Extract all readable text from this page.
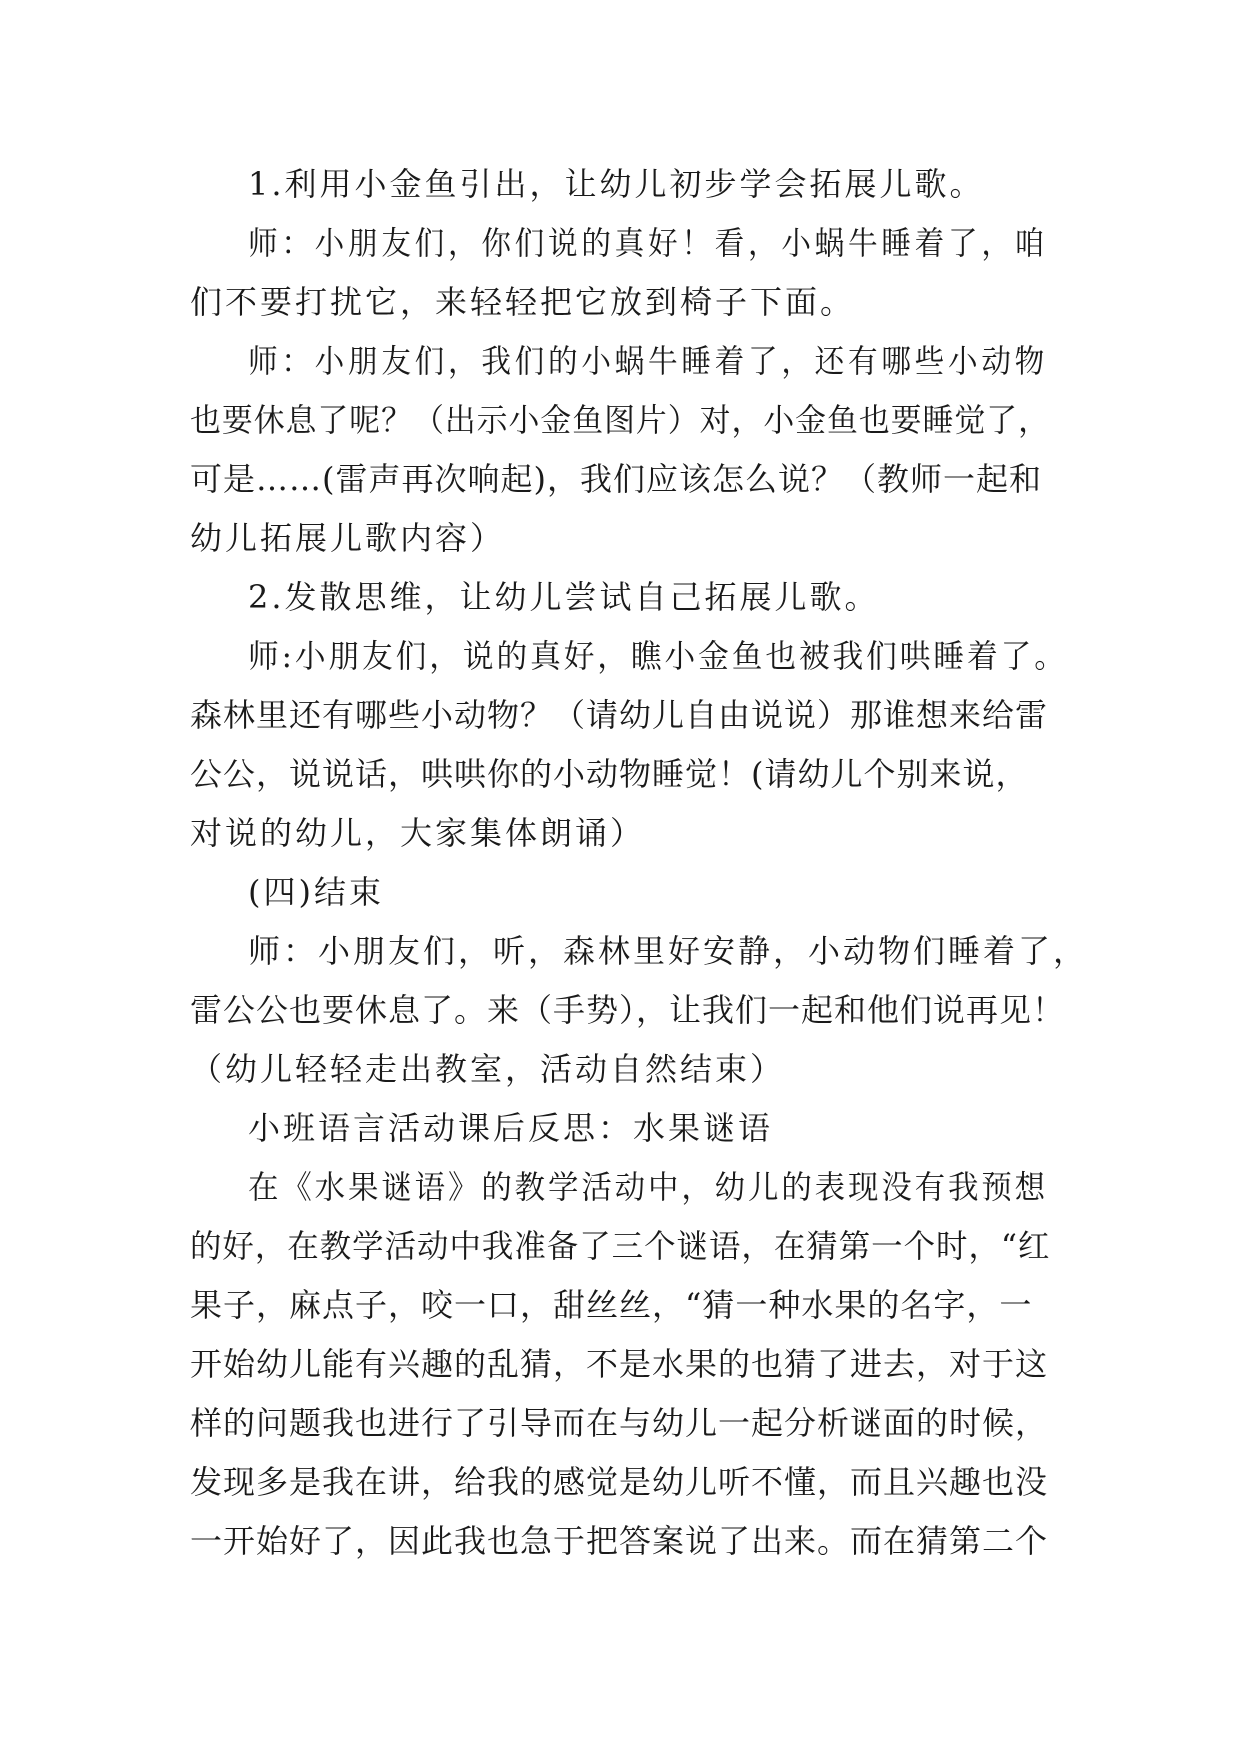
1.利用小金鱼引出，让幼儿初步学会拓展儿歌。
师：小朋友们，你们说的真好！看，小蜗牛睡着了，咱
们不要打扰它，来轻轻把它放到椅子下面。
师：小朋友们，我们的小蜗牛睡着了，还有哪些小动物
也要休息了呢？（出示小金鱼图片）对，小金鱼也要睡觉了，
可是……(雷声再次响起)，我们应该怎么说？（教师一起和
幼儿拓展儿歌内容）
2.发散思维，让幼儿尝试自己拓展儿歌。
师:小朋友们，说的真好，瞧小金鱼也被我们哄睡着了。
森林里还有哪些小动物？（请幼儿自由说说）那谁想来给雷
公公，说说话，哄哄你的小动物睡觉！(请幼儿个别来说，
对说的幼儿，大家集体朗诵）
(四)结束
师：小朋友们，听，森林里好安静，小动物们睡着了，
雷公公也要休息了。来（手势），让我们一起和他们说再见！
（幼儿轻轻走出教室，活动自然结束）
小班语言活动课后反思：水果谜语
在《水果谜语》的教学活动中，幼儿的表现没有我预想
的好，在教学活动中我准备了三个谜语，在猜第一个时，“红
果子，麻点子，咬一口，甜丝丝，“猜一种水果的名字，一
开始幼儿能有兴趣的乱猜，不是水果的也猜了进去，对于这
样的问题我也进行了引导而在与幼儿一起分析谜面的时候，
发现多是我在讲，给我的感觉是幼儿听不懂，而且兴趣也没
一开始好了，因此我也急于把答案说了出来。而在猜第二个
